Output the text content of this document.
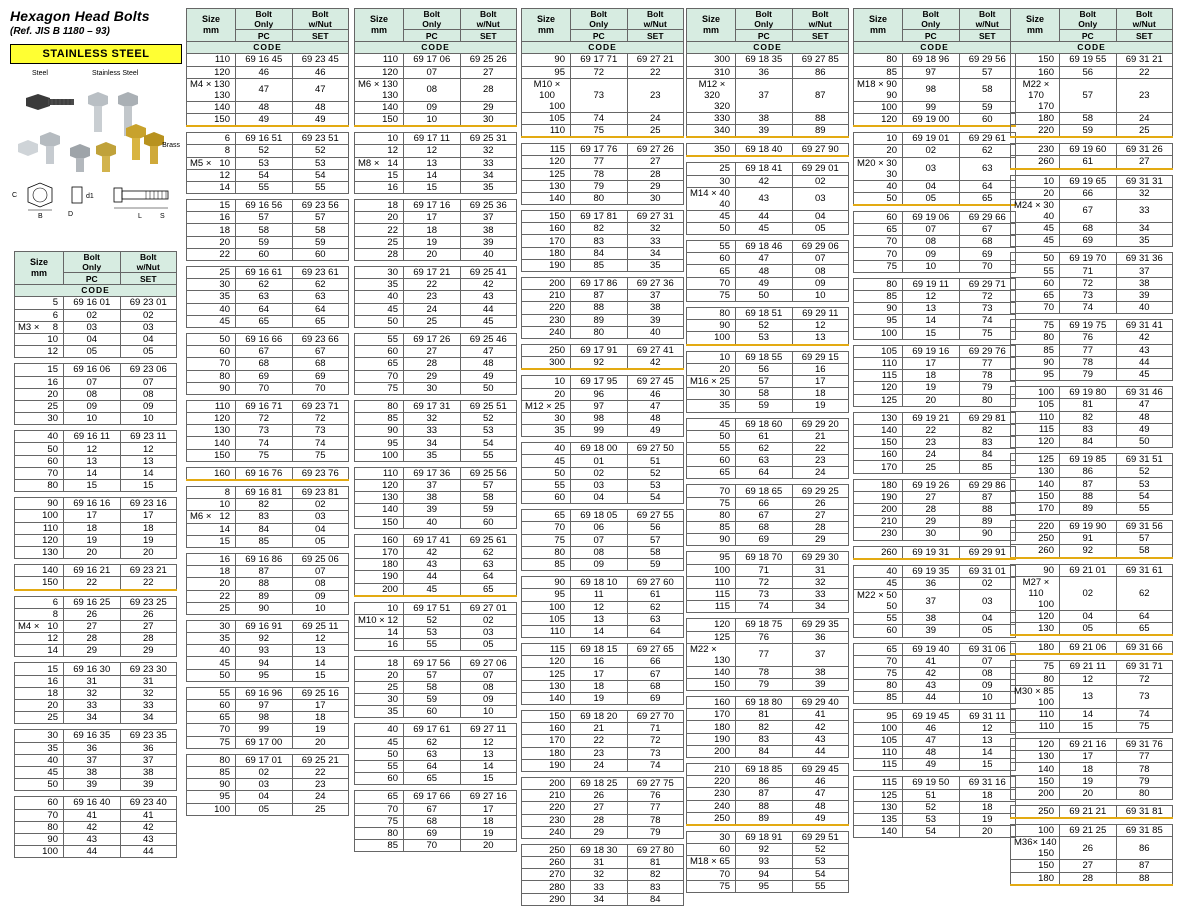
Hexagon Head Bolts
(Ref. JIS B 1180 – 93)
STAINLESS STEEL
Steel	Stainless Steel
Brass
C
B	D
d1
L	S
Size
mm	Bolt
Only	Bolt
w/Nut
	PC	SET
CODE		

5	69 16 01	69 23 01

6	02	02

M3 × 8	03	03

10	04	04

12	05	05

15	69 16 06	69 23 06

16	07	07

20	08	08

25	09	09

30	10	10

40	69 16 11	69 23 11

50	12	12

60	13	13

70	14	14

80	15	15

90	69 16 16	69 23 16

100	17	17

110	18	18

120	19	19

130	20	20

140	69 16 21	69 23 21

150	22	22

6	69 16 25	69 23 25

8	26	26

M4 × 10	27	27

12	28	28

14	29	29

15	69 16 30	69 23 30

16	31	31

18	32	32

20	33	33

25	34	34

30	69 16 35	69 23 35

35	36	36

40	37	37

45	38	38

50	39	39

60	69 16 40	69 23 40

70	41	41

80	42	42

90	43	43

100	44	44
Size
mm	Bolt
Only	Bolt
w/Nut
	PC	SET
CODE		

110	69 16 45	69 23 45

120	46	46

M4 × 130
130	47	47

140	48	48

150	49	49

6	69 16 51	69 23 51

8	52	52

M5 × 10	53	53

12	54	54

14	55	55

15	69 16 56	69 23 56

16	57	57

18	58	58

20	59	59

22	60	60

25	69 16 61	69 23 61

30	62	62

35	63	63

40	64	64

45	65	65

50	69 16 66	69 23 66

60	67	67

70	68	68

80	69	69

90	70	70

110	69 16 71	69 23 71

120	72	72

130	73	73

140	74	74

150	75	75

160	69 16 76	69 23 76

8	69 16 81	69 23 81

10	82	02

M6 × 12	83	03

14	84	04

15	85	05

16	69 16 86	69 25 06

18	87	07

20	88	08

22	89	09

25	90	10

30	69 16 91	69 25 11

35	92	12

40	93	13

45	94	14

50	95	15

55	69 16 96	69 25 16

60	97	17

65	98	18

70	99	19

75	69 17 00	20

80	69 17 01	69 25 21

85	02	22

90	03	23

95	04	24

100	05	25
Size
mm	Bolt
Only	Bolt
w/Nut
	PC	SET
CODE		

110	69 17 06	69 25 26

120	07	27

M6 × 130
130	08	28

140	09	29

150	10	30

10	69 17 11	69 25 31

12	12	32

M8 × 14	13	33

15	14	34

16	15	35

18	69 17 16	69 25 36

20	17	37

22	18	38

25	19	39

28	20	40

30	69 17 21	69 25 41

35	22	42

40	23	43

45	24	44

50	25	45

55	69 17 26	69 25 46

60	27	47

65	28	48

70	29	49

75	30	50

80	69 17 31	69 25 51

85	32	52

90	33	53

95	34	54

100	35	55

110	69 17 36	69 25 56

120	37	57

130	38	58

140	39	59

150	40	60

160	69 17 41	69 25 61

170	42	62

180	43	63

190	44	64

200	45	65

10	69 17 51	69 27 01

M10 × 12	52	02

14	53	03

16	55	05

18	69 17 56	69 27 06

20	57	07

25	58	08

30	59	09

35	60	10

40	69 17 61	69 27 11

45	62	12

50	63	13

55	64	14

60	65	15

65	69 17 66	69 27 16

70	67	17

75	68	18

80	69	19

85	70	20
Size
mm	Bolt
Only	Bolt
w/Nut
	PC	SET
CODE		

90	69 17 71	69 27 21

95	72	22

M10 × 100
100	73	23

105	74	24

110	75	25

115	69 17 76	69 27 26

120	77	27

125	78	28

130	79	29

140	80	30

150	69 17 81	69 27 31

160	82	32

170	83	33

180	84	34

190	85	35

200	69 17 86	69 27 36

210	87	37

220	88	38

230	89	39

240	80	40

250	69 17 91	69 27 41

300	92	42

10	69 17 95	69 27 45

20	96	46

M12 × 25	97	47

30	98	48

35	99	49

40	69 18 00	69 27 50

45	01	51

50	02	52

55	03	53

60	04	54

65	69 18 05	69 27 55

70	06	56

75	07	57

80	08	58

85	09	59

90	69 18 10	69 27 60

95	11	61

100	12	62

105	13	63

110	14	64

115	69 18 15	69 27 65

120	16	66

125	17	67

130	18	68

140	19	69

150	69 18 20	69 27 70

160	21	71

170	22	72

180	23	73

190	24	74

200	69 18 25	69 27 75

210	26	76

220	27	77

230	28	78

240	29	79

250	69 18 30	69 27 80

260	31	81

270	32	82

280	33	83

290	34	84
Size
mm	Bolt
Only	Bolt
w/Nut
	PC	SET
CODE		

300	69 18 35	69 27 85

310	36	86

M12 × 320
320	37	87

330	38	88

340	39	89

350	69 18 40	69 27 90

25	69 18 41	69 29 01

30	42	02

M14 × 40
40	43	03

45	44	04

50	45	05

55	69 18 46	69 29 06

60	47	07

65	48	08

70	49	09

75	50	10

80	69 18 51	69 29 11

90	52	12

100	53	13

10	69 18 55	69 29 15

20	56	16

M16 × 25	57	17

30	58	18

35	59	19

45	69 18 60	69 29 20

50	61	21

55	62	22

60	63	23

65	64	24

70	69 18 65	69 29 25

75	66	26

80	67	27

85	68	28

90	69	29

95	69 18 70	69 29 30

100	71	31

110	72	32

115	73	33

115	74	34

120	69 18 75	69 29 35

125	76	36

M22 ×
130	77	37

140	78	38

150	79	39

160	69 18 80	69 29 40

170	81	41

180	82	42

190	83	43

200	84	44

210	69 18 85	69 29 45

220	86	46

230	87	47

240	88	48

250	89	49

30	69 18 91	69 29 51

60	92	52

M18 × 65	93	53

70	94	54

75	95	55
Size
mm	Bolt
Only	Bolt
w/Nut
	PC	SET
CODE		

80	69 18 96	69 29 56

85	97	57

M18 × 90
90	98	58

100	99	59

120	69 19 00	60

10	69 19 01	69 29 61

20	02	62

M20 × 30
30	03	63

40	04	64

50	05	65

60	69 19 06	69 29 66

65	07	67

70	08	68

70	09	69

75	10	70

80	69 19 11	69 29 71

85	12	72

90	13	73

95	14	74

100	15	75

105	69 19 16	69 29 76

110	17	77

115	18	78

120	19	79

125	20	80

130	69 19 21	69 29 81

140	22	82

150	23	83

160	24	84

170	25	85

180	69 19 26	69 29 86

190	27	87

200	28	88

210	29	89

230	30	90

260	69 19 31	69 29 91

40	69 19 35	69 31 01

45	36	02

M22 × 50
50	37	03

55	38	04

60	39	05

65	69 19 40	69 31 06

70	41	07

75	42	08

80	43	09

85	44	10

95	69 19 45	69 31 11

100	46	12

105	47	13

110	48	14

115	49	15

115	69 19 50	69 31 16

125	51	18

130	52	18

135	53	19

140	54	20
Size
mm	Bolt
Only	Bolt
w/Nut
	PC	SET
CODE		

150	69 19 55	69 31 21

160	56	22

M22 × 170
170	57	23

180	58	24

220	59	25

230	69 19 60	69 31 26

260	61	27

10	69 19 65	69 31 31

20	66	32

M24 × 30
40	67	33

45	68	34

45	69	35

50	69 19 70	69 31 36

55	71	37

60	72	38

65	73	39

70	74	40

75	69 19 75	69 31 41

80	76	42

85	77	43

90	78	44

95	79	45

100	69 19 80	69 31 46

105	81	47

110	82	48

115	83	49

120	84	50

125	69 19 85	69 31 51

130	86	52

140	87	53

150	88	54

170	89	55

220	69 19 90	69 31 56

250	91	57

260	92	58

90	69 21 01	69 31 61

M27 × 110
100	02	62

120	04	64

130	05	65

180	69 21 06	69 31 66

75	69 21 11	69 31 71

80	12	72

M30 × 85
100	13	73

110	14	74

110	15	75

120	69 21 16	69 31 76

130	17	77

140	18	78

150	19	79

200	20	80

250	69 21 21	69 31 81

100	69 21 25	69 31 85

M36× 140
150	26	86

150	27	87

180	28	88
